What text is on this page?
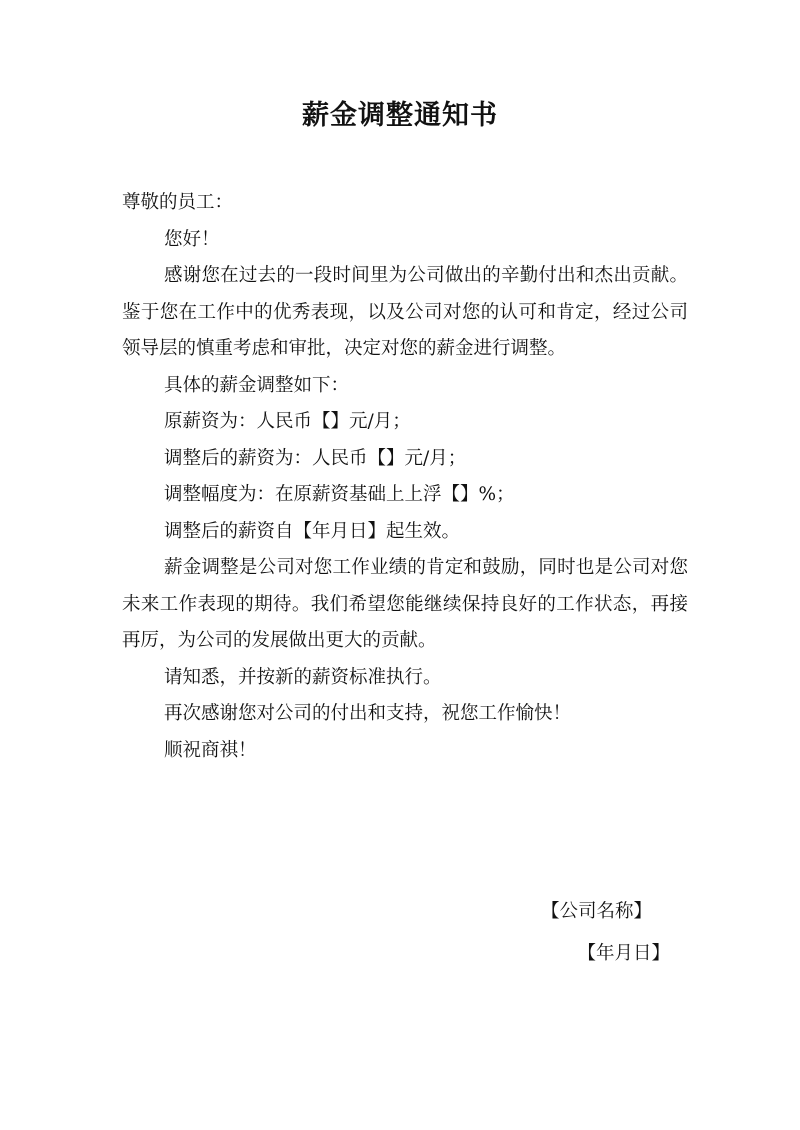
薪金调整通知书

尊敬的员工：

您好！

感谢您在过去的一段时间里为公司做出的辛勤付出和杰出贡献。鉴于您在工作中的优秀表现，以及公司对您的认可和肯定，经过公司领导层的慎重考虑和审批，决定对您的薪金进行调整。

具体的薪金调整如下：

原薪资为：人民币【】元/月；

调整后的薪资为：人民币【】元/月；

调整幅度为：在原薪资基础上上浮【】%；

调整后的薪资自【年月日】起生效。

薪金调整是公司对您工作业绩的肯定和鼓励，同时也是公司对您未来工作表现的期待。我们希望您能继续保持良好的工作状态，再接再厉，为公司的发展做出更大的贡献。

请知悉，并按新的薪资标准执行。

再次感谢您对公司的付出和支持，祝您工作愉快！

顺祝商祺！

【公司名称】
【年月日】
